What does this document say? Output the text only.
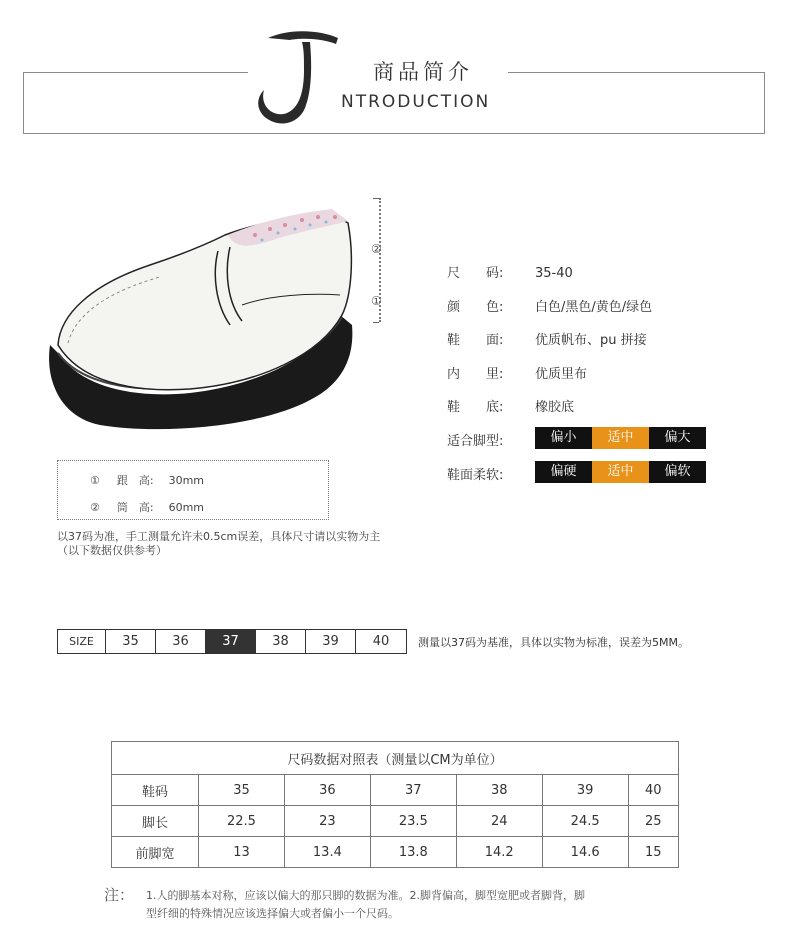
商品简介
NTRODUCTION
②
①
尺　　码: 35-40
颜　　色: 白色/黑色/黄色/绿色
鞋　　面: 优质帆布、pu 拼接
内　　里: 优质里布
鞋　　底: 橡胶底
适合脚型:	偏小	适中	偏大
鞋面柔软:	偏硬	适中	偏软
① 跟　高: 30mm
② 筒　高: 60mm
以37码为准，手工测量允许未0.5cm误差，具体尺寸请以实物为主
（以下数据仅供参考）
SIZE	35	36	37	38	39	40	测量以37码为基准，具体以实物为标准，误差为5MM。
尺码数据对照表（测量以CM为单位）						
鞋码	35	36	37	38	39	40
脚长	22.5	23	23.5	24	24.5	25
前脚宽	13	13.4	13.8	14.2	14.6	15
注： 1.人的脚基本对称，应该以偏大的那只脚的数据为准。2.脚背偏高，脚型宽肥或者脚背，脚
型纤细的特殊情况应该选择偏大或者偏小一个尺码。
